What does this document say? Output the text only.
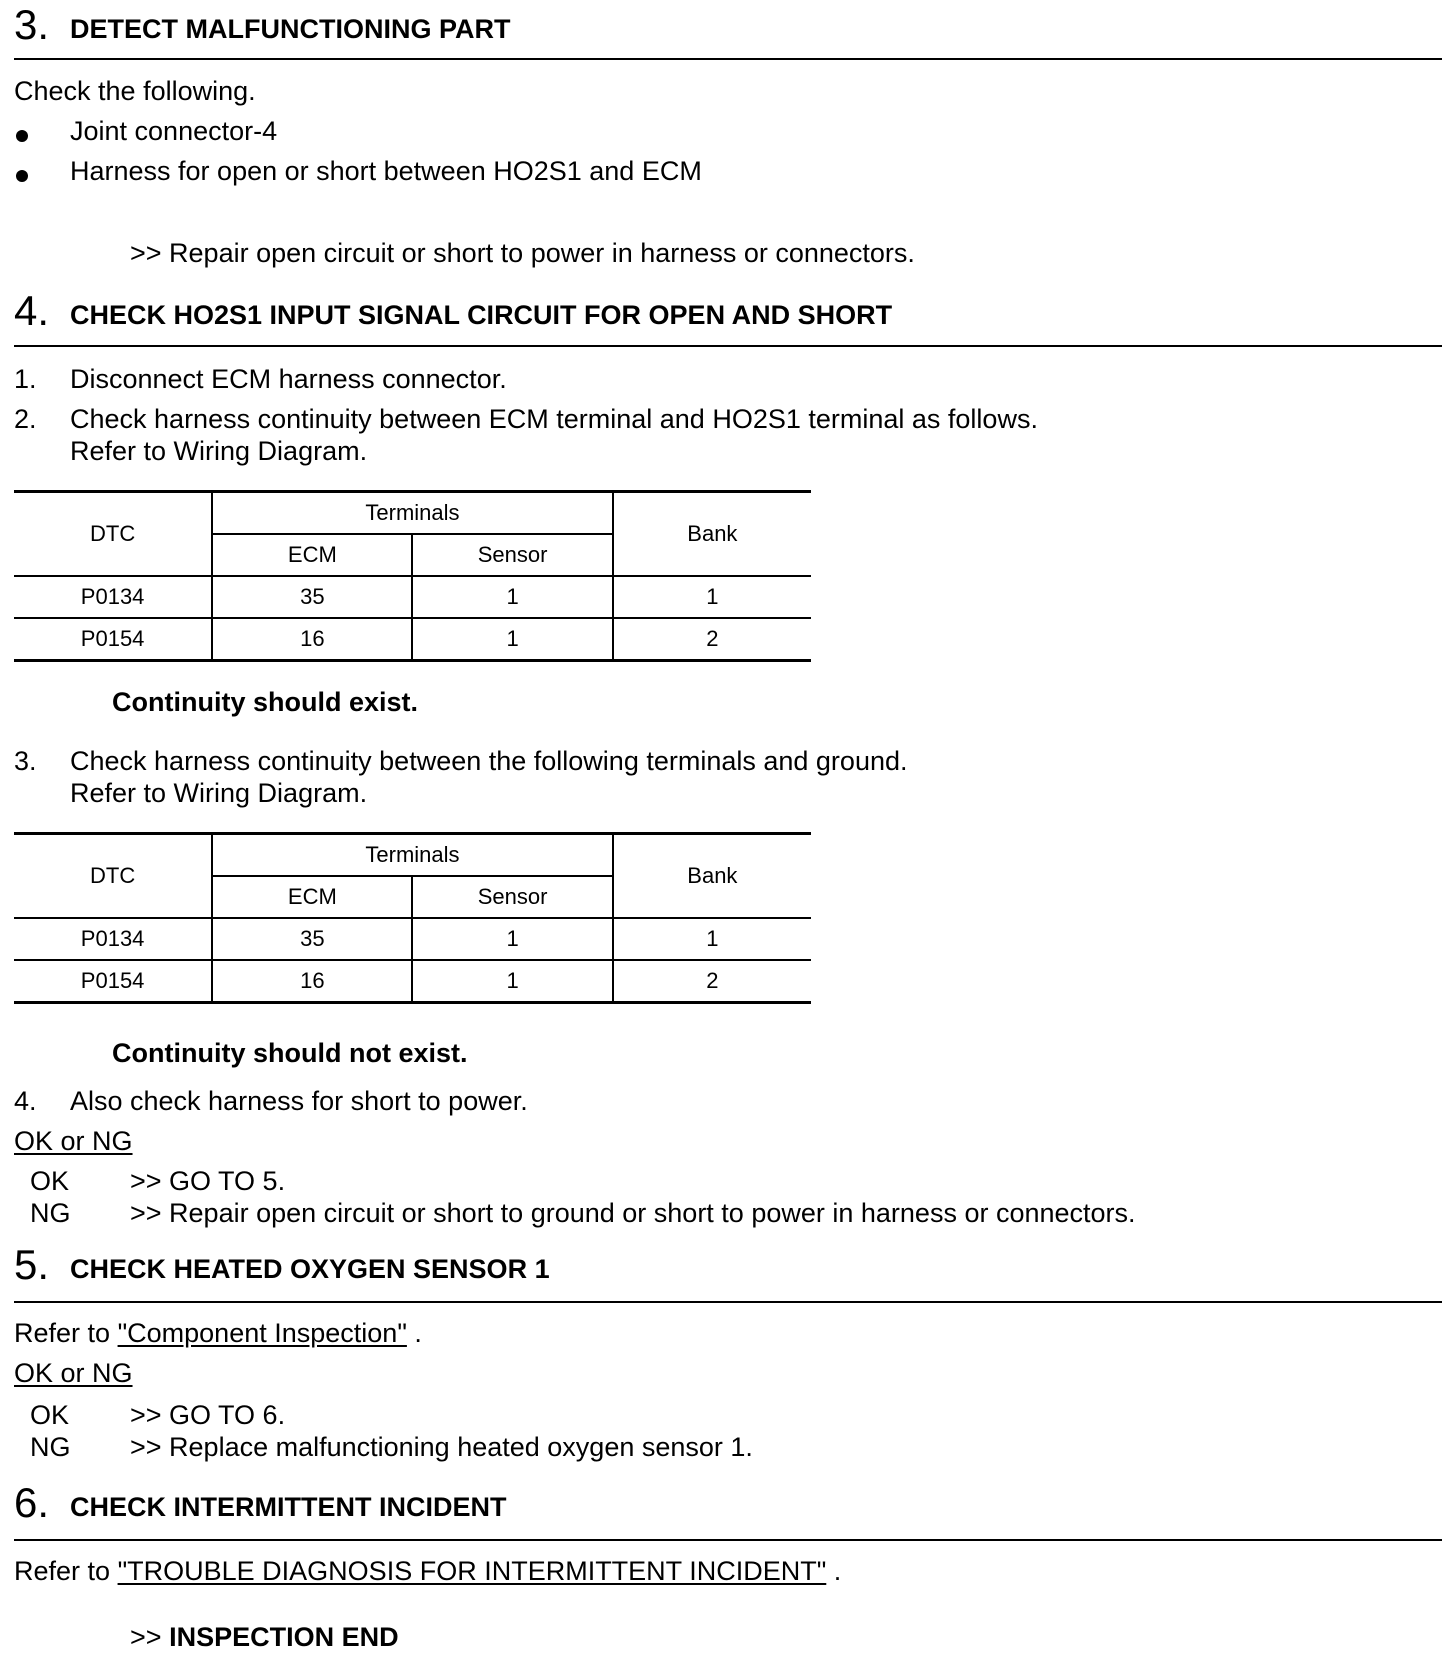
3. DETECT MALFUNCTIONING PART
Check the following.
Joint connector-4
Harness for open or short between HO2S1 and ECM
>> Repair open circuit or short to power in harness or connectors.
4. CHECK HO2S1 INPUT SIGNAL CIRCUIT FOR OPEN AND SHORT
1. Disconnect ECM harness connector.
2. Check harness continuity between ECM terminal and HO2S1 terminal as follows.
Refer to Wiring Diagram.
DTC	Terminals		Bank
	ECM	Sensor	
P0134	35	1	1
P0154	16	1	2
Continuity should exist.
3. Check harness continuity between the following terminals and ground.
Refer to Wiring Diagram.
DTC	Terminals		Bank
	ECM	Sensor	
P0134	35	1	1
P0154	16	1	2
Continuity should not exist.
4. Also check harness for short to power.
OK or NG
OK >> GO TO 5.
NG >> Repair open circuit or short to ground or short to power in harness or connectors.
5. CHECK HEATED OXYGEN SENSOR 1
Refer to "Component Inspection" .
OK or NG
OK >> GO TO 6.
NG >> Replace malfunctioning heated oxygen sensor 1.
6. CHECK INTERMITTENT INCIDENT
Refer to "TROUBLE DIAGNOSIS FOR INTERMITTENT INCIDENT" .
>> INSPECTION END
